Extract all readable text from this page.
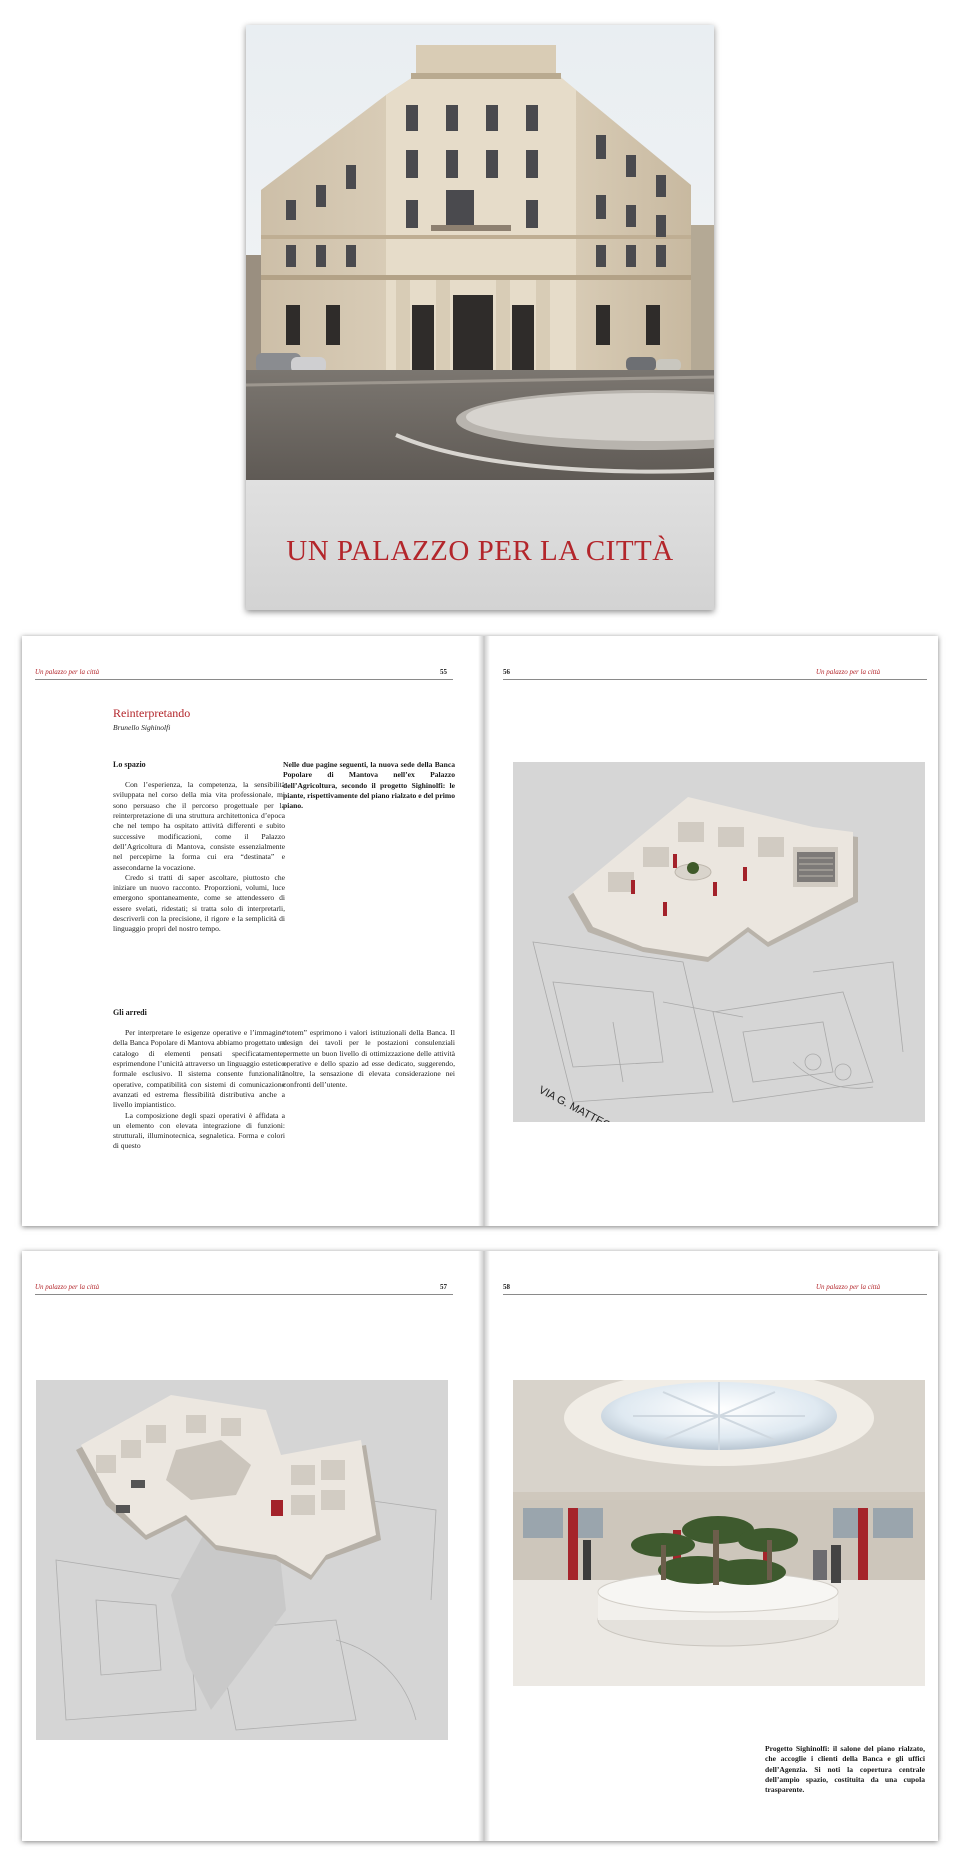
UN PALAZZO PER LA CITTÀ
Un palazzo per la città	55
Reinterpretando
Brunello Sighinolfi
Lo spazio

Con l’esperienza, la competenza, la sensibilità sviluppata nel corso della mia vita professionale, mi sono persuaso che il percorso progettuale per la reinterpretazione di una struttura architettonica d’epoca che nel tempo ha ospitato attività differenti e subito successive modificazioni, come il Palazzo dell’Agricoltura di Mantova, consiste essenzialmente nel percepirne la forma cui era “destinata” e assecondarne la vocazione.

Credo si tratti di saper ascoltare, piuttosto che iniziare un nuovo racconto. Proporzioni, volumi, luce emergono spontaneamente, come se attendessero di essere svelati, ridestati; si tratta solo di interpretarli, descriverli con la precisione, il rigore e la semplicità di linguaggio propri del nostro tempo.

Gli arredi

Per interpretare le esigenze operative e l’immagine della Banca Popolare di Mantova abbiamo progettato un catalogo di elementi pensati specificatamente, esprimendone l’unicità attraverso un linguaggio estetico formale esclusivo. Il sistema consente funzionalità operative, compatibilità con sistemi di comunicazione avanzati ed estrema flessibilità distributiva anche a livello impiantistico.

La composizione degli spazi operativi è affidata a un elemento con elevata integrazione di funzioni: strutturali, illuminotecnica, segnaletica. Forma e colori di questo

Nelle due pagine seguenti, la nuova sede della Banca Popolare di Mantova nell’ex Palazzo dell’Agricoltura, secondo il progetto Sighinolfi: le piante, rispettivamente del piano rialzato e del primo piano.
“totem” esprimono i valori istituzionali della Banca. Il design dei tavoli per le postazioni consulenziali permette un buon livello di ottimizzazione delle attività operative e dello spazio ad esse dedicato, suggerendo, inoltre, la sensazione di elevata considerazione nei confronti dell’utente.
56	Un palazzo per la città
Un palazzo per la città	57	58	Un palazzo per la città
Progetto Sighinolfi: il salone del piano rialzato, che accoglie i clienti della Banca e gli uffici dell’Agenzia. Si noti la copertura centrale dell’ampio spazio, costituita da una cupola trasparente.
